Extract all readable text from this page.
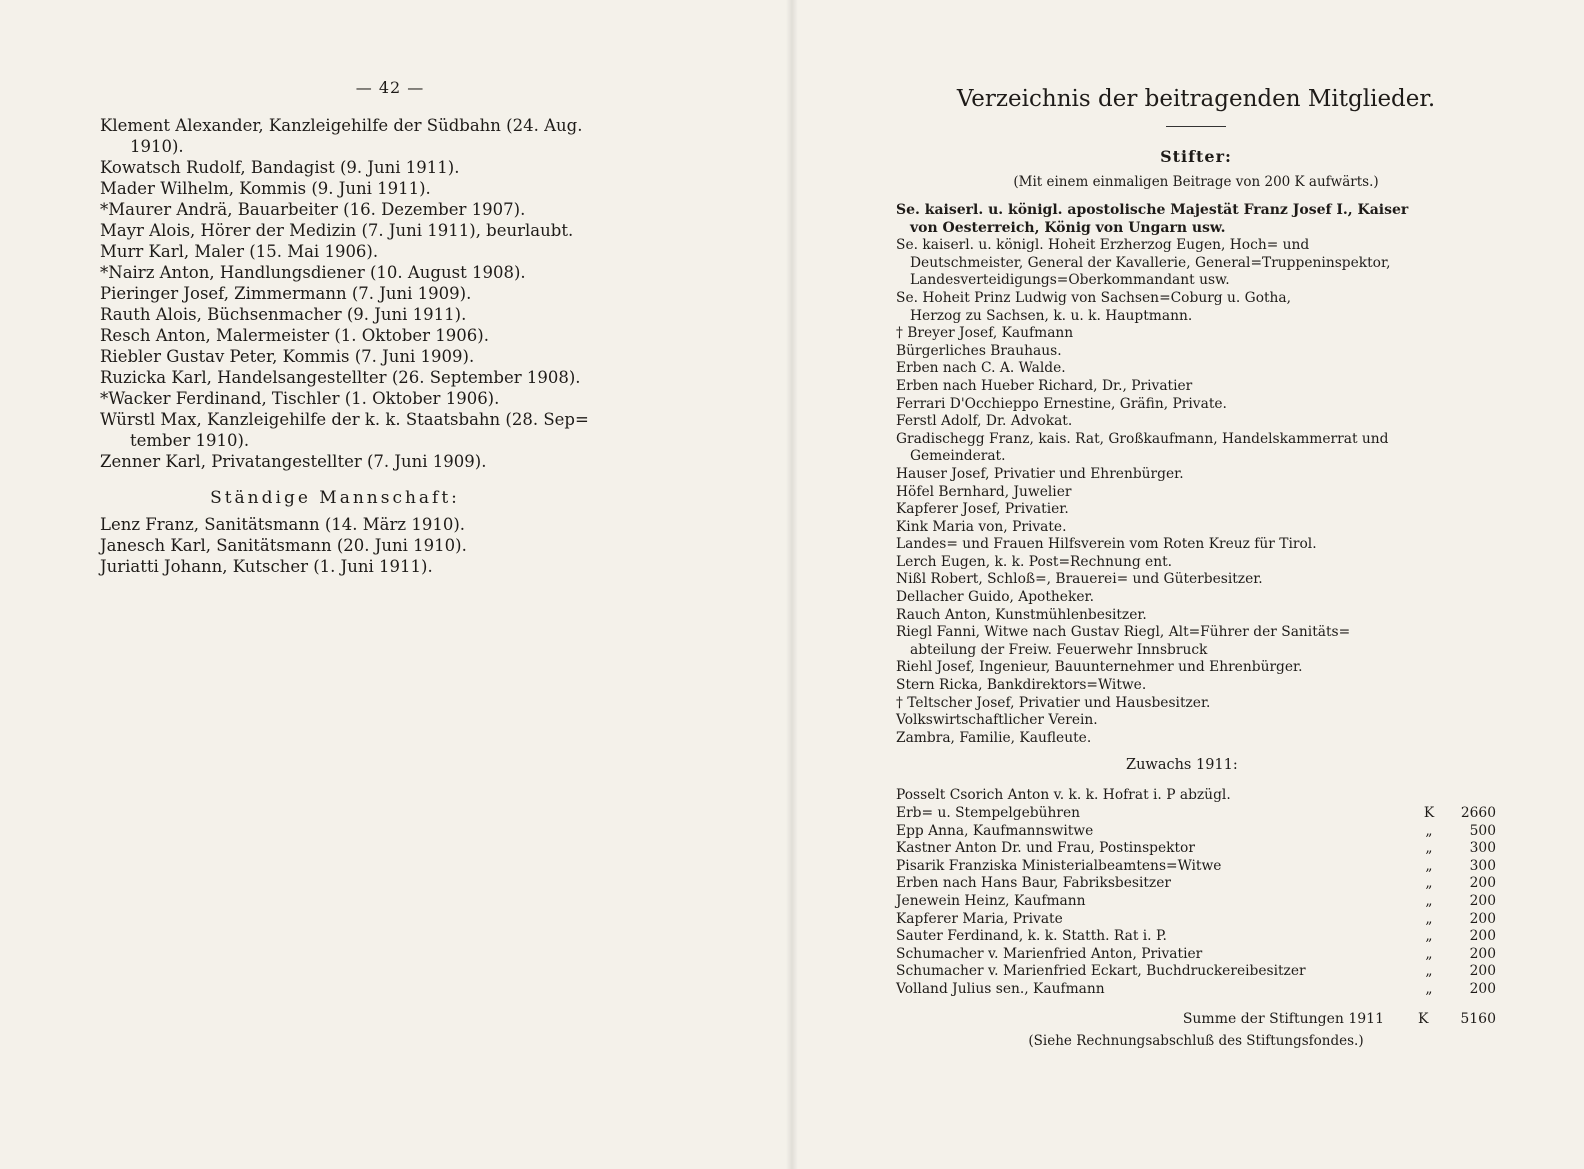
— 42 —

Klement Alexander, Kanzleigehilfe der Südbahn (24. Aug.
1910).

Kowatsch Rudolf, Bandagist (9. Juni 1911).

Mader Wilhelm, Kommis (9. Juni 1911).

*Maurer Andrä, Bauarbeiter (16. Dezember 1907).

Mayr Alois, Hörer der Medizin (7. Juni 1911), beurlaubt.

Murr Karl, Maler (15. Mai 1906).

*Nairz Anton, Handlungsdiener (10. August 1908).

Pieringer Josef, Zimmermann (7. Juni 1909).

Rauth Alois, Büchsenmacher (9. Juni 1911).

Resch Anton, Malermeister (1. Oktober 1906).

Riebler Gustav Peter, Kommis (7. Juni 1909).

Ruzicka Karl, Handelsangestellter (26. September 1908).

*Wacker Ferdinand, Tischler (1. Oktober 1906).

Würstl Max, Kanzleigehilfe der k. k. Staatsbahn (28. Sep=
tember 1910).

Zenner Karl, Privatangestellter (7. Juni 1909).

Ständige Mannschaft:

Lenz Franz, Sanitätsmann (14. März 1910).

Janesch Karl, Sanitätsmann (20. Juni 1910).

Juriatti Johann, Kutscher (1. Juni 1911).

Verzeichnis der beitragenden Mitglieder.
Stifter:
(Mit einem einmaligen Beitrage von 200 K aufwärts.)

Se. kaiserl. u. königl. apostolische Majestät Franz Josef I., Kaiser
von Oesterreich, König von Ungarn usw.

Se. kaiserl. u. königl. Hoheit Erzherzog Eugen, Hoch= und
Deutschmeister, General der Kavallerie, General=Truppeninspektor, Landesverteidigungs=Oberkommandant usw.

Se. Hoheit Prinz Ludwig von Sachsen=Coburg u. Gotha,
Herzog zu Sachsen, k. u. k. Hauptmann.

† Breyer Josef, Kaufmann

Bürgerliches Brauhaus.

Erben nach C. A. Walde.

Erben nach Hueber Richard, Dr., Privatier

Ferrari D'Occhieppo Ernestine, Gräfin, Private.

Ferstl Adolf, Dr. Advokat.

Gradischegg Franz, kais. Rat, Großkaufmann, Handelskammerrat und
Gemeinderat.

Hauser Josef, Privatier und Ehrenbürger.

Höfel Bernhard, Juwelier

Kapferer Josef, Privatier.

Kink Maria von, Private.

Landes= und Frauen Hilfsverein vom Roten Kreuz für Tirol.

Lerch Eugen, k. k. Post=Rechnung ent.

Nißl Robert, Schloß=, Brauerei= und Güterbesitzer.

Dellacher Guido, Apotheker.

Rauch Anton, Kunstmühlenbesitzer.

Riegl Fanni, Witwe nach Gustav Riegl, Alt=Führer der Sanitäts=
abteilung der Freiw. Feuerwehr Innsbruck

Riehl Josef, Ingenieur, Bauunternehmer und Ehrenbürger.

Stern Ricka, Bankdirektors=Witwe.

† Teltscher Josef, Privatier und Hausbesitzer.

Volkswirtschaftlicher Verein.

Zambra, Familie, Kaufleute.

Zuwachs 1911:
Posselt Csorich Anton v. k. k. Hofrat i. P abzügl.
Erb= u. Stempelgebühren	K	2660
Epp Anna, Kaufmannswitwe	„	500
Kastner Anton Dr. und Frau, Postinspektor	„	300
Pisarik Franziska Ministerialbeamtens=Witwe	„	300
Erben nach Hans Baur, Fabriksbesitzer	„	200
Jenewein Heinz, Kaufmann	„	200
Kapferer Maria, Private	„	200
Sauter Ferdinand, k. k. Statth. Rat i. P.	„	200
Schumacher v. Marienfried Anton, Privatier	„	200
Schumacher v. Marienfried Eckart, Buchdruckereibesitzer	„	200
Volland Julius sen., Kaufmann	„	200
Summe der Stiftungen 1911	K	5160
(Siehe Rechnungsabschluß des Stiftungsfondes.)
